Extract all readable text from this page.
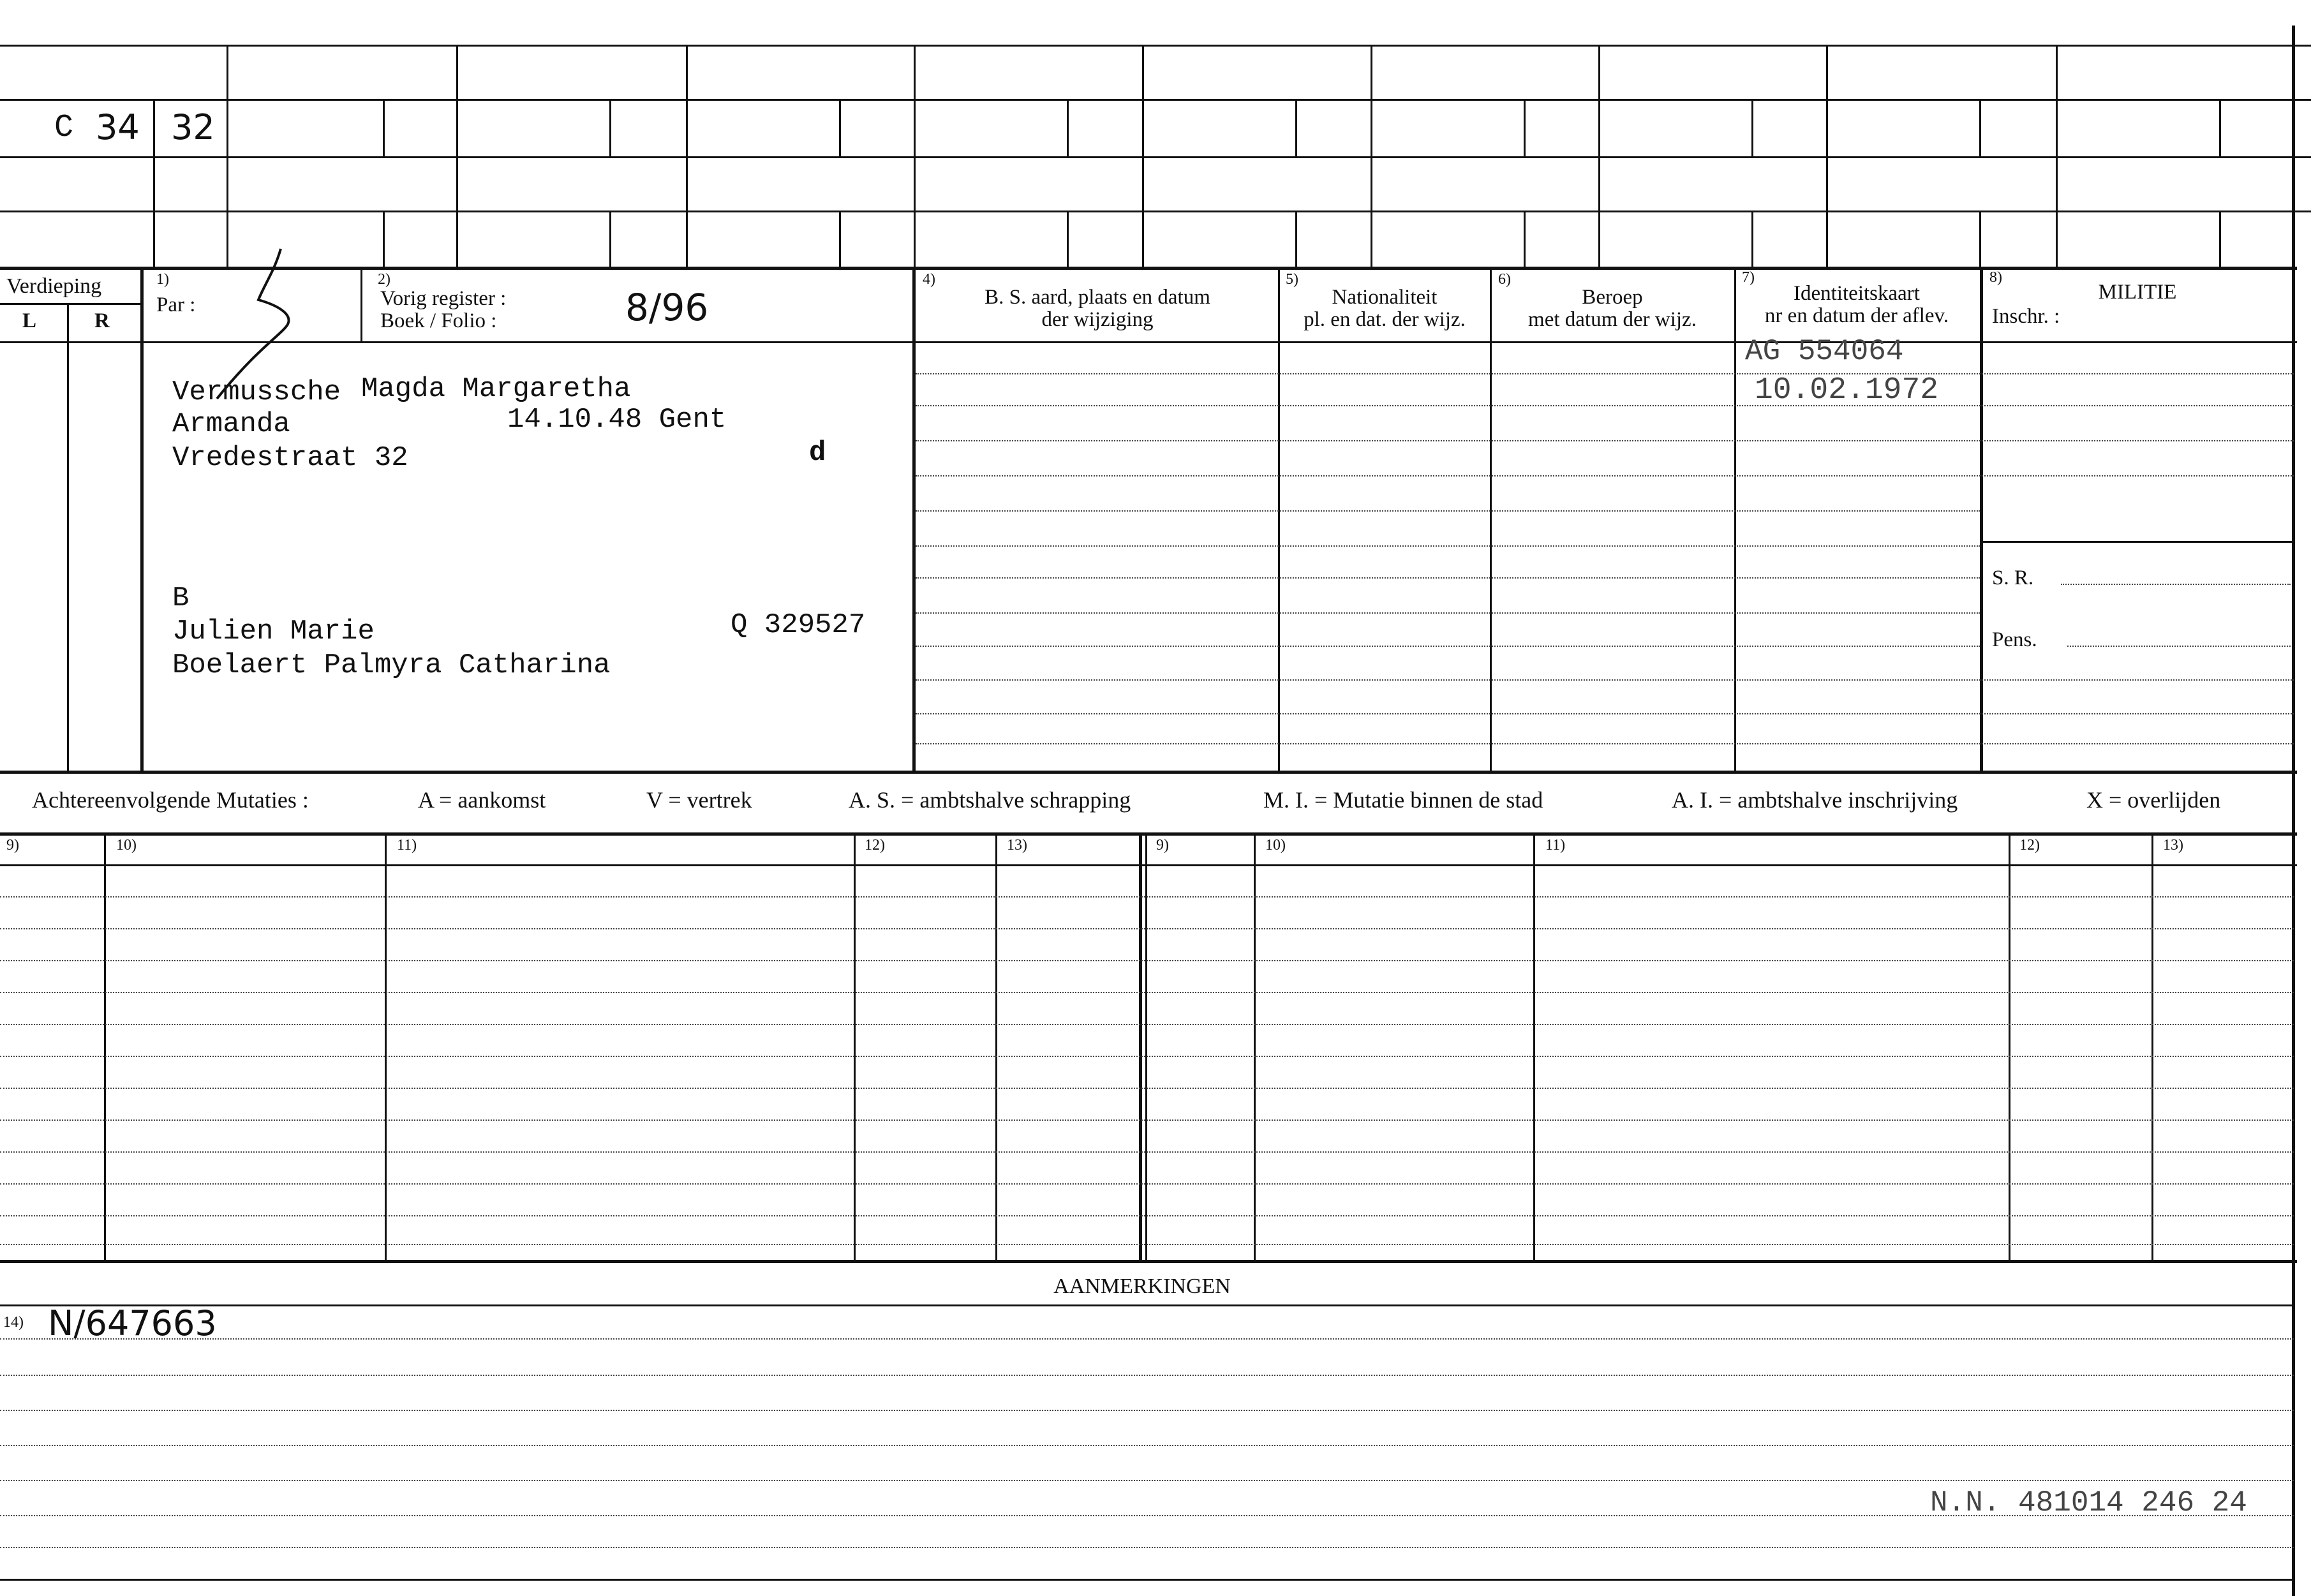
C 34 32
Verdieping
L	R
1)
Par :
2)
Vorig register :
Boek / Folio :	8/96
4)
B. S. aard, plaats en datum
der wijziging
5)
Nationaliteit
pl. en dat. der wijz.
6)
Beroep
met datum der wijz.
7)
Identiteitskaart
nr en datum der aflev.
8)
MILITIE
Inschr. :
Vermussche Magda Margaretha
Armanda	14.10.48 Gent
Vredestraat 32	d
B
Julien Marie	Q 329527
Boelaert Palmyra Catharina
AG 554064
10.02.1972
S. R.
Pens.
Achtereenvolgende Mutaties :	A = aankomst	V = vertrek	A. S. = ambtshalve schrapping	M. I. = Mutatie binnen de stad	A. I. = ambtshalve inschrijving	X = overlijden
9)	10)	11)	12)	13)	9)	10)	11)	12)	13)
AANMERKINGEN
14) N/647663
N.N. 481014 246 24
